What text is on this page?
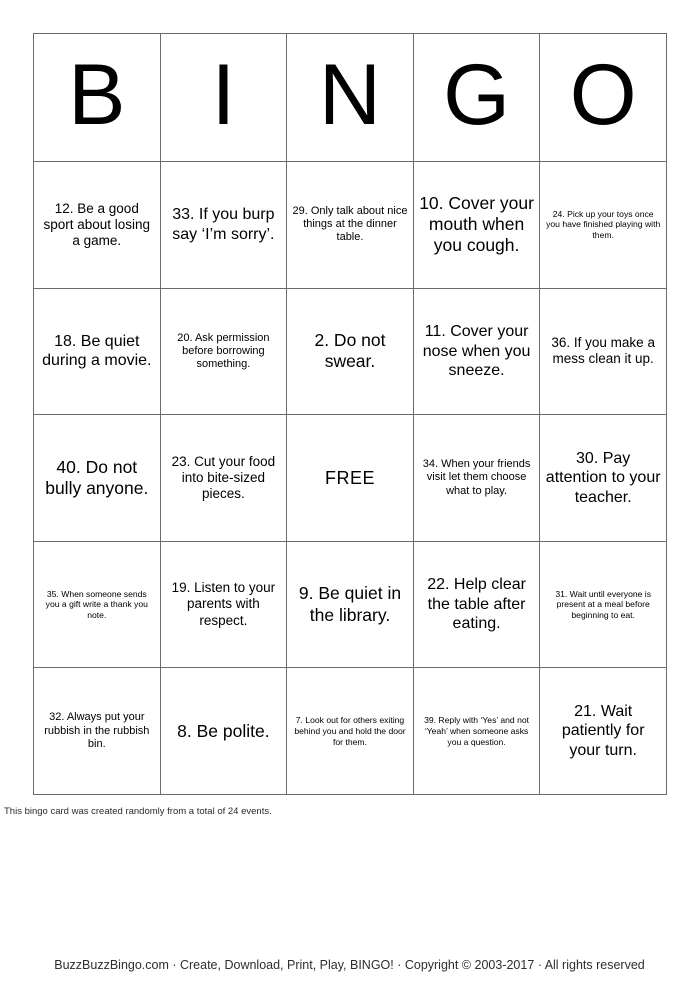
B I N G O
12. Be a good sport about losing a game.
33. If you burp say ‘I’m sorry’.
29. Only talk about nice things at the dinner table.
10. Cover your mouth when you cough.
24. Pick up your toys once you have finished playing with them.
18. Be quiet during a movie.
20. Ask permission before borrowing something.
2. Do not swear.
11. Cover your nose when you sneeze.
36. If you make a mess clean it up.
40. Do not bully anyone.
23. Cut your food into bite-sized pieces.
FREE
34. When your friends visit let them choose what to play.
30. Pay attention to your teacher.
35. When someone sends you a gift write a thank you note.
19. Listen to your parents with respect.
9. Be quiet in the library.
22. Help clear the table after eating.
31. Wait until everyone is present at a meal before beginning to eat.
32. Always put your rubbish in the rubbish bin.
8. Be polite.
7. Look out for others exiting behind you and hold the door for them.
39. Reply with ‘Yes’ and not ‘Yeah’ when someone asks you a question.
21. Wait patiently for your turn.
This bingo card was created randomly from a total of 24 events.
BuzzBuzzBingo.com · Create, Download, Print, Play, BINGO! · Copyright © 2003-2017 · All rights reserved
